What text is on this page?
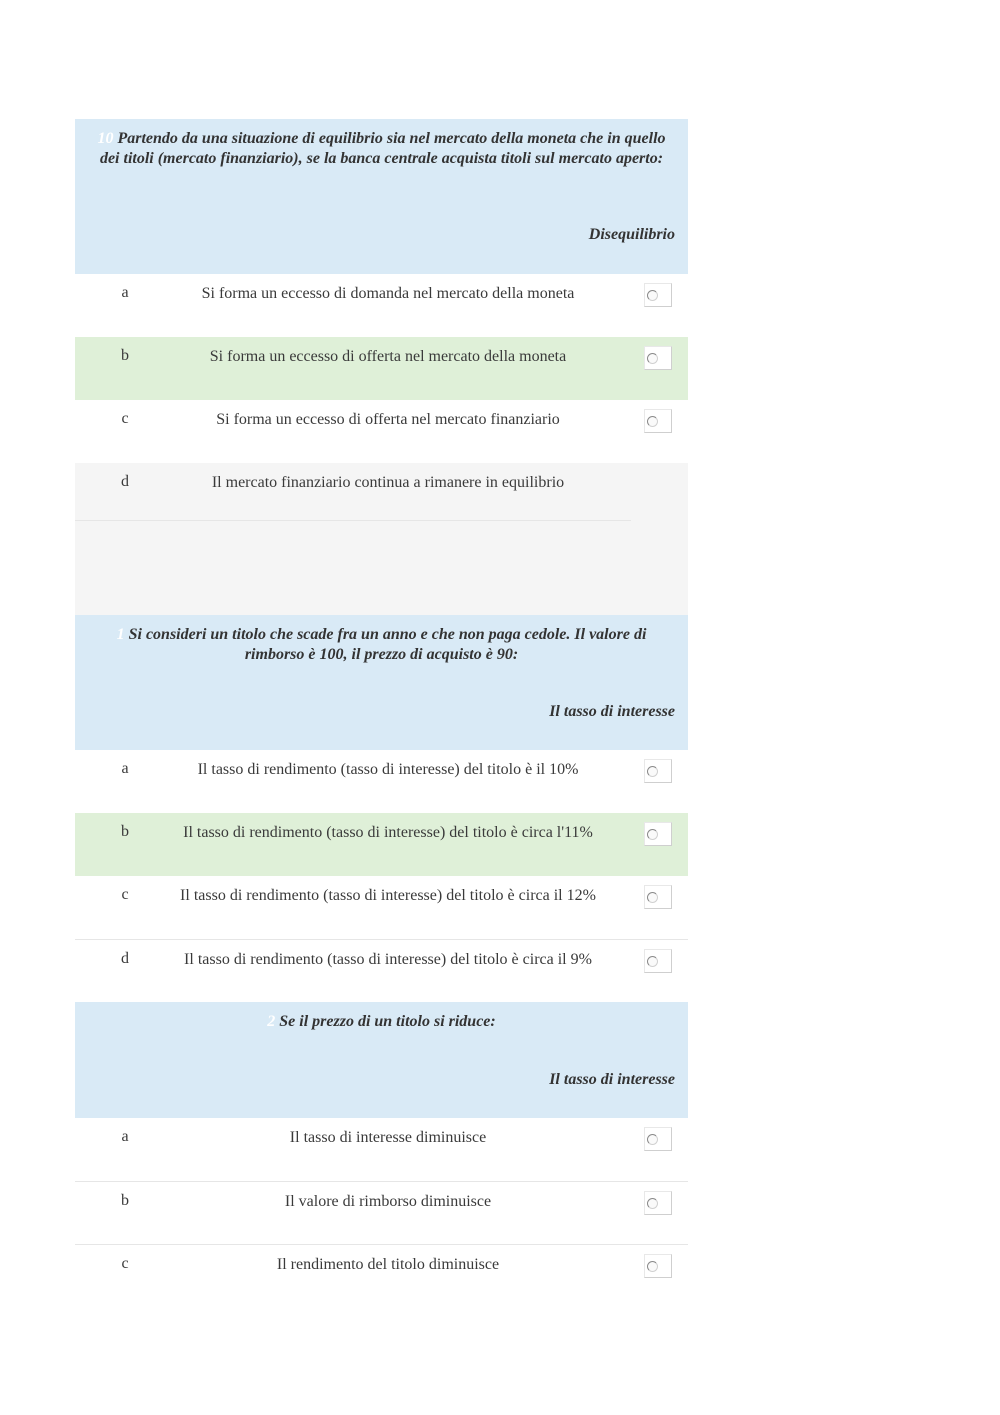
10 Partendo da una situazione di equilibrio sia nel mercato della moneta che in quello dei titoli (mercato finanziario), se la banca centrale acquista titoli sul mercato aperto:
Disequilibrio
a	Si forma un eccesso di domanda nel mercato della moneta
b	Si forma un eccesso di offerta nel mercato della moneta
c	Si forma un eccesso di offerta nel mercato finanziario
d	Il mercato finanziario continua a rimanere in equilibrio
1 Si consideri un titolo che scade fra un anno e che non paga cedole. Il valore di rimborso è 100, il prezzo di acquisto è 90:
Il tasso di interesse
a	Il tasso di rendimento (tasso di interesse) del titolo è il 10%
b	Il tasso di rendimento (tasso di interesse) del titolo è circa l'11%
c	Il tasso di rendimento (tasso di interesse) del titolo è circa il 12%
d	Il tasso di rendimento (tasso di interesse) del titolo è circa il 9%
2 Se il prezzo di un titolo si riduce:
Il tasso di interesse
a	Il tasso di interesse diminuisce
b	Il valore di rimborso diminuisce
c	Il rendimento del titolo diminuisce
